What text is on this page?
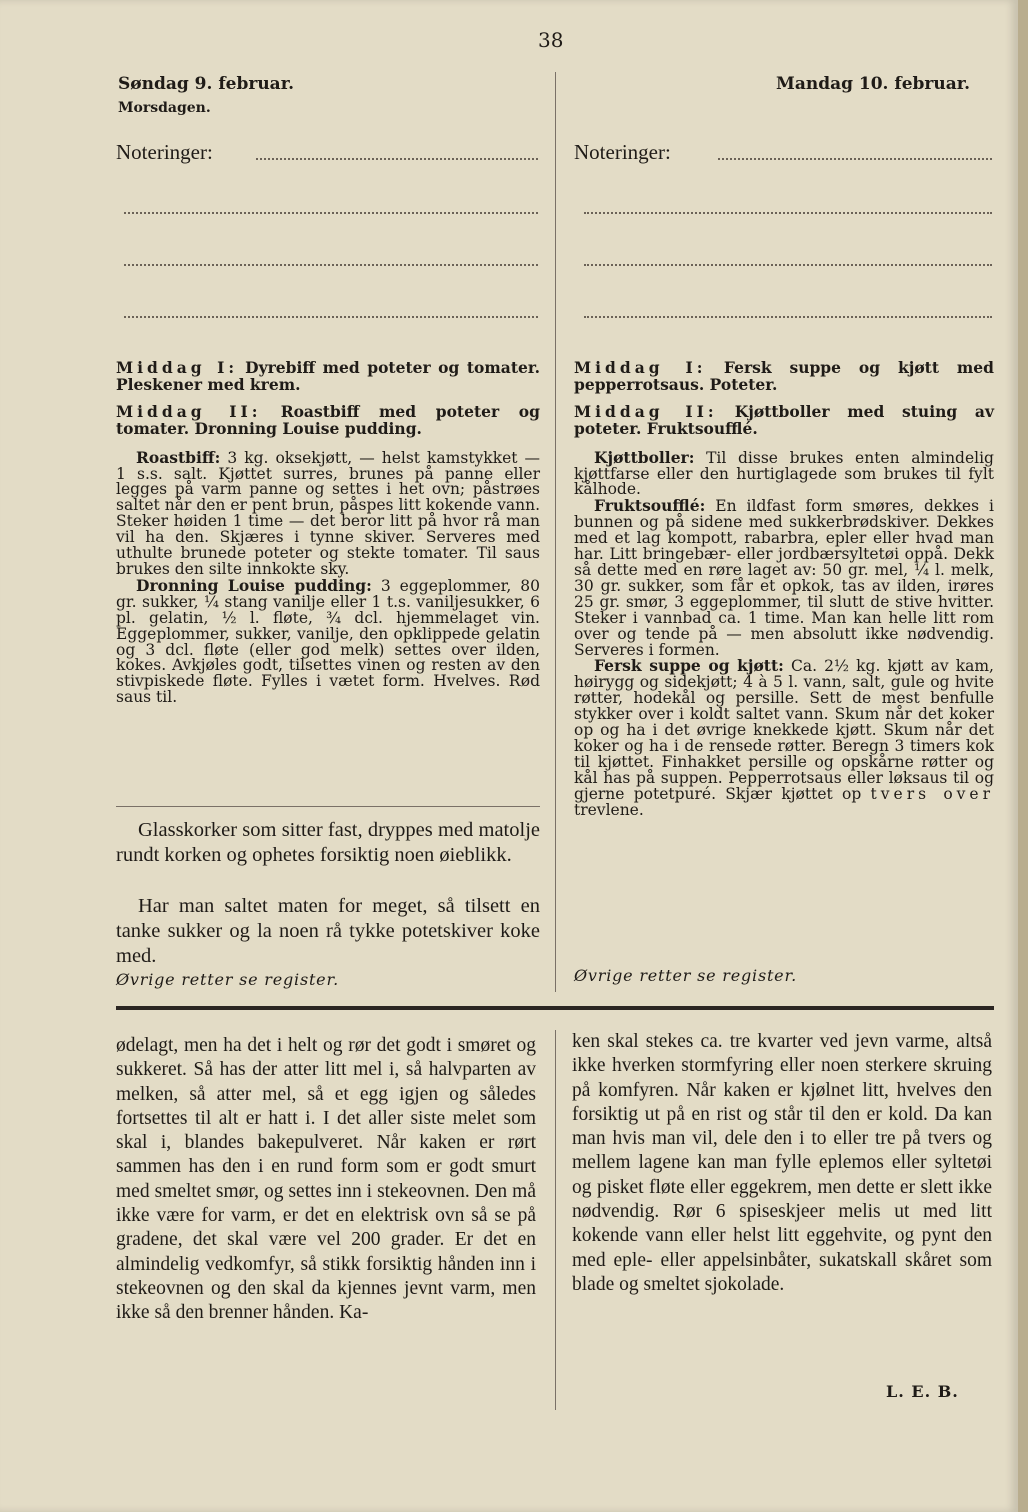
38
Søndag 9. februar.
Morsdagen.
Noteringer:

Middag I: Dyrebiff med poteter og tomater. Pleskener med krem.

Middag II: Roastbiff med poteter og tomater. Dronning Louise pudding.

Roastbiff: 3 kg. oksekjøtt, — helst kamstykket — 1 s.s. salt. Kjøttet surres, brunes på panne eller legges på varm panne og settes i het ovn; påstrøes saltet når den er pent brun, påspes litt kokende vann. Steker høiden 1 time — det beror litt på hvor rå man vil ha den. Skjæres i tynne skiver. Serveres med uthulte brunede poteter og stekte tomater. Til saus brukes den silte innkokte sky.

Dronning Louise pudding: 3 eggeplommer, 80 gr. sukker, ¼ stang vanilje eller 1 t.s. vaniljesukker, 6 pl. gelatin, ½ l. fløte, ¾ dcl. hjemmelaget vin. Eggeplommer, sukker, vanilje, den opklippede gelatin og 3 dcl. fløte (eller god melk) settes over ilden, kokes. Avkjøles godt, tilsettes vinen og resten av den stivpiskede fløte. Fylles i vætet form. Hvelves. Rød saus til.

Glasskorker som sitter fast, dryppes med matolje rundt korken og ophetes forsiktig noen øieblikk.
Har man saltet maten for meget, så tilsett en tanke sukker og la noen rå tykke potetskiver koke med.
Øvrige retter se register.
Mandag 10. februar.
Noteringer:

Middag I: Fersk suppe og kjøtt med pepperrotsaus. Poteter.

Middag II: Kjøttboller med stuing av poteter. Fruktsoufflé.

Kjøttboller: Til disse brukes enten almindelig kjøttfarse eller den hurtiglagede som brukes til fylt kålhode.

Fruktsoufflé: En ildfast form smøres, dekkes i bunnen og på sidene med sukkerbrødskiver. Dekkes med et lag kompott, rabarbra, epler eller hvad man har. Litt bringebær- eller jordbærsyltetøi oppå. Dekk så dette med en røre laget av: 50 gr. mel, ¼ l. melk, 30 gr. sukker, som får et opkok, tas av ilden, irøres 25 gr. smør, 3 eggeplommer, til slutt de stive hvitter. Steker i vannbad ca. 1 time. Man kan helle litt rom over og tende på — men absolutt ikke nødvendig. Serveres i formen.

Fersk suppe og kjøtt: Ca. 2½ kg. kjøtt av kam, høirygg og sidekjøtt; 4 à 5 l. vann, salt, gule og hvite røtter, hodekål og persille. Sett de mest benfulle stykker over i koldt saltet vann. Skum når det koker op og ha i det øvrige knekkede kjøtt. Skum når det koker og ha i de rensede røtter. Beregn 3 timers kok til kjøttet. Finhakket persille og opskårne røtter og kål has på suppen. Pepperrotsaus eller løksaus til og gjerne potetpuré. Skjær kjøttet op tvers over trevlene.

Øvrige retter se register.
ødelagt, men ha det i helt og rør det godt i smøret og sukkeret. Så has der atter litt mel i, så halvparten av melken, så atter mel, så et egg igjen og således fortsettes til alt er hatt i. I det aller siste melet som skal i, blandes bakepulveret. Når kaken er rørt sammen has den i en rund form som er godt smurt med smeltet smør, og settes inn i stekeovnen. Den må ikke være for varm, er det en elektrisk ovn så se på gradene, det skal være vel 200 grader. Er det en almindelig vedkomfyr, så stikk forsiktig hånden inn i stekeovnen og den skal da kjennes jevnt varm, men ikke så den brenner hånden. Ka-
ken skal stekes ca. tre kvarter ved jevn varme, altså ikke hverken stormfyring eller noen sterkere skruing på komfyren. Når kaken er kjølnet litt, hvelves den forsiktig ut på en rist og står til den er kold. Da kan man hvis man vil, dele den i to eller tre på tvers og mellem lagene kan man fylle eplemos eller syltetøi og pisket fløte eller eggekrem, men dette er slett ikke nødvendig. Rør 6 spiseskjeer melis ut med litt kokende vann eller helst litt eggehvite, og pynt den med eple- eller appelsinbåter, sukatskall skåret som blade og smeltet sjokolade.
L. E. B.
